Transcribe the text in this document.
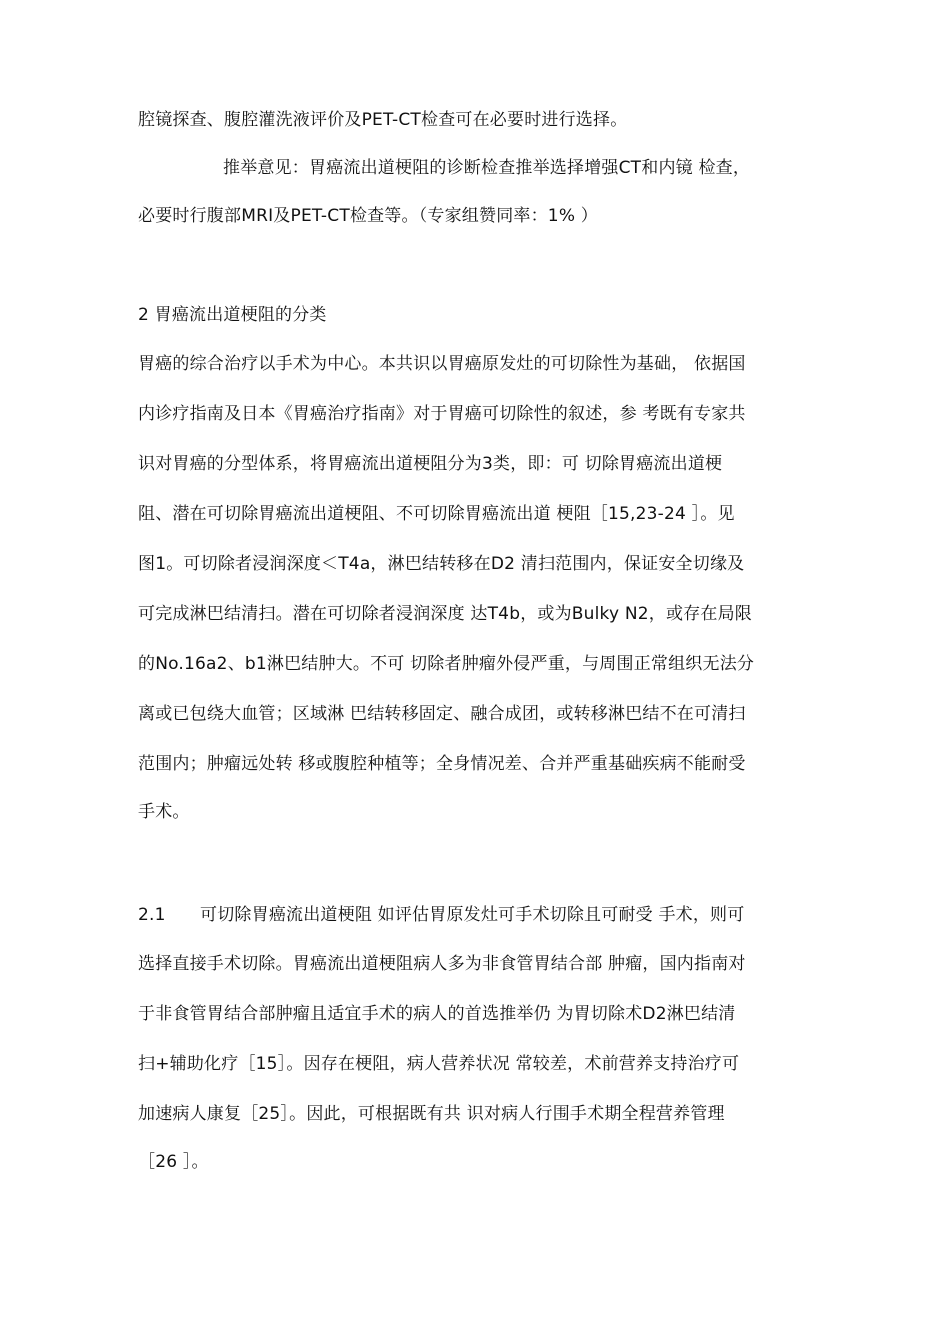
腔镜探查、腹腔灌洗液评价及PET-CT检查可在必要时进行选择。
推举意见：胃癌流出道梗阻的诊断检查推举选择增强CT和内镜 检查，
必要时行腹部MRI及PET-CT检查等。（专家组赞同率：1% ）
2 胃癌流出道梗阻的分类
胃癌的综合治疗以手术为中心。本共识以胃癌原发灶的可切除性为基础， 依据国
内诊疗指南及日本《胃癌治疗指南》对于胃癌可切除性的叙述，参 考既有专家共
识对胃癌的分型体系，将胃癌流出道梗阻分为3类，即：可 切除胃癌流出道梗
阻、潜在可切除胃癌流出道梗阻、不可切除胃癌流出道 梗阻［15,23-24 ］。见
图1。可切除者浸润深度＜T4a，淋巴结转移在D2 清扫范围内，保证安全切缘及
可完成淋巴结清扫。潜在可切除者浸润深度 达T4b，或为Bulky N2，或存在局限
的No.16a2、b1淋巴结肿大。不可 切除者肿瘤外侵严重，与周围正常组织无法分
离或已包绕大血管；区域淋 巴结转移固定、融合成团，或转移淋巴结不在可清扫
范围内；肿瘤远处转 移或腹腔种植等；全身情况差、合并严重基础疾病不能耐受
手术。
2.1　　可切除胃癌流出道梗阻 如评估胃原发灶可手术切除且可耐受 手术，则可
选择直接手术切除。胃癌流出道梗阻病人多为非食管胃结合部 肿瘤，国内指南对
于非食管胃结合部肿瘤且适宜手术的病人的首选推举仍 为胃切除术D2淋巴结清
扫+辅助化疗［15］。因存在梗阻，病人营养状况 常较差，术前营养支持治疗可
加速病人康复［25］。因此，可根据既有共 识对病人行围手术期全程营养管理
［26 ］。
